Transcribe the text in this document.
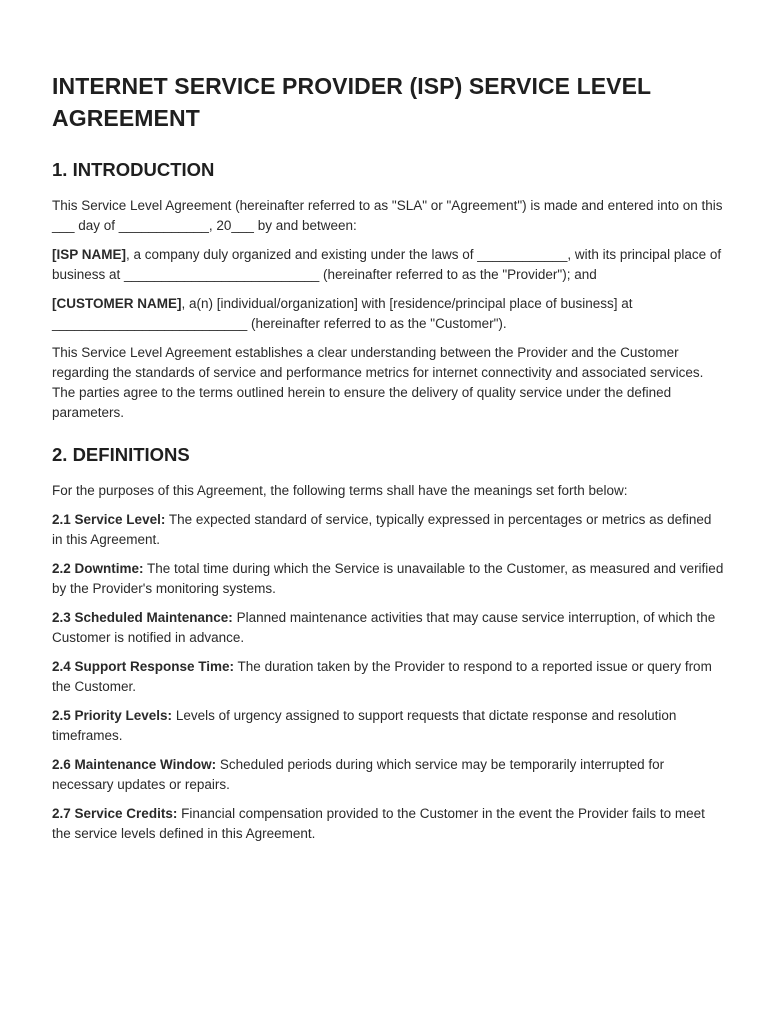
INTERNET SERVICE PROVIDER (ISP) SERVICE LEVEL AGREEMENT
1. INTRODUCTION

This Service Level Agreement (hereinafter referred to as "SLA" or "Agreement") is made and entered into on this ___ day of ____________, 20___ by and between:

[ISP NAME], a company duly organized and existing under the laws of ____________, with its principal place of business at __________________________ (hereinafter referred to as the "Provider"); and

[CUSTOMER NAME], a(n) [individual/organization] with [residence/principal place of business] at __________________________ (hereinafter referred to as the "Customer").

This Service Level Agreement establishes a clear understanding between the Provider and the Customer regarding the standards of service and performance metrics for internet connectivity and associated services. The parties agree to the terms outlined herein to ensure the delivery of quality service under the defined parameters.

2. DEFINITIONS

For the purposes of this Agreement, the following terms shall have the meanings set forth below:

2.1 Service Level: The expected standard of service, typically expressed in percentages or metrics as defined in this Agreement.

2.2 Downtime: The total time during which the Service is unavailable to the Customer, as measured and verified by the Provider's monitoring systems.

2.3 Scheduled Maintenance: Planned maintenance activities that may cause service interruption, of which the Customer is notified in advance.

2.4 Support Response Time: The duration taken by the Provider to respond to a reported issue or query from the Customer.

2.5 Priority Levels: Levels of urgency assigned to support requests that dictate response and resolution timeframes.

2.6 Maintenance Window: Scheduled periods during which service may be temporarily interrupted for necessary updates or repairs.

2.7 Service Credits: Financial compensation provided to the Customer in the event the Provider fails to meet the service levels defined in this Agreement.
